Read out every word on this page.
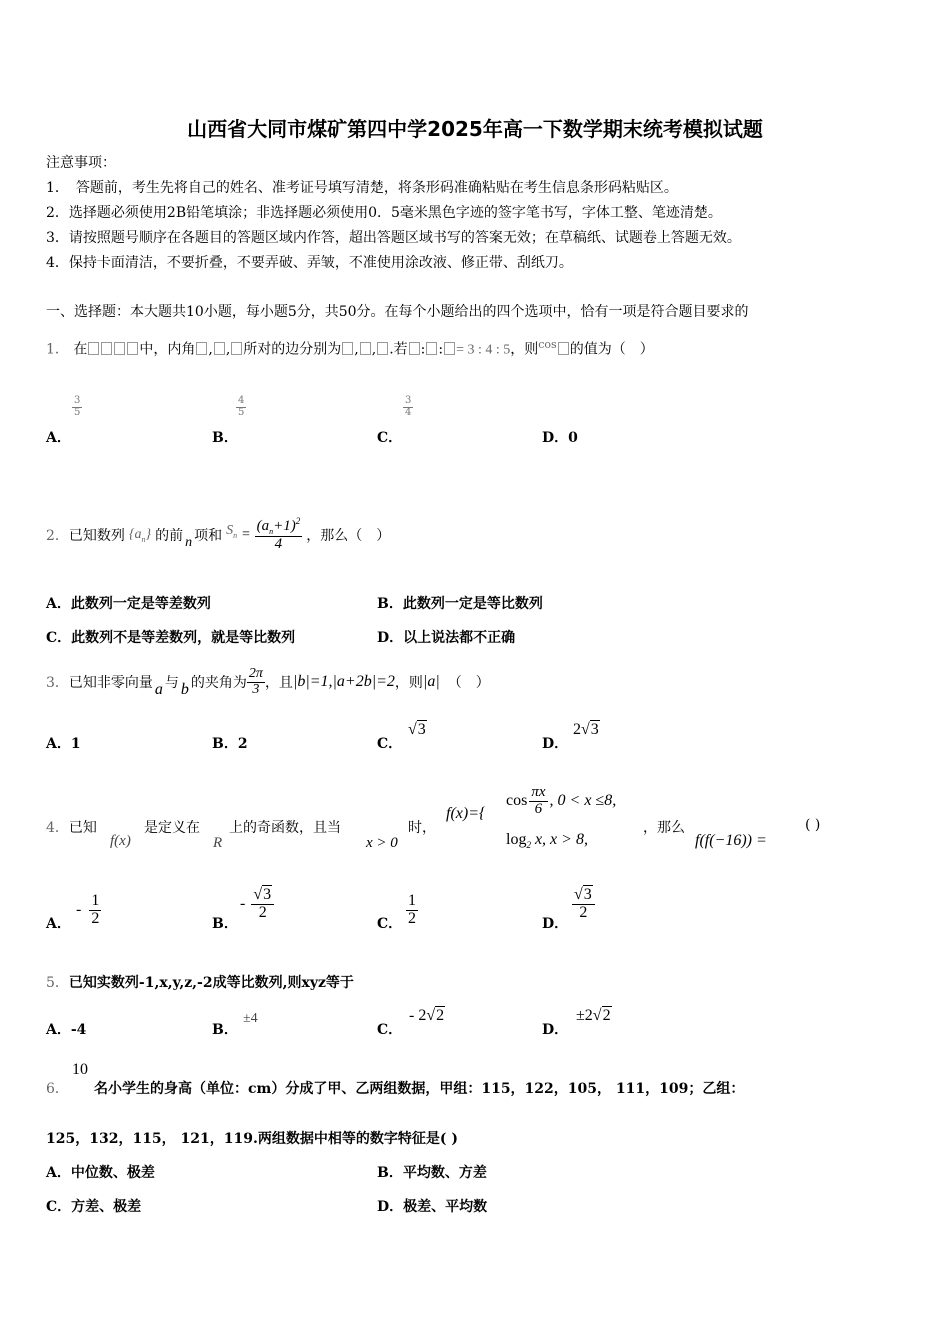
山西省大同市煤矿第四中学2025年高一下数学期末统考模拟试题
注意事项：
1．　答题前，考生先将自己的姓名、准考证号填写清楚，将条形码准确粘贴在考生信息条形码粘贴区。
2．选择题必须使用2B铅笔填涂；非选择题必须使用0．5毫米黑色字迹的签字笔书写，字体工整、笔迹清楚。
3．请按照题号顺序在各题目的答题区域内作答，超出答题区域书写的答案无效；在草稿纸、试题卷上答题无效。
4．保持卡面清洁，不要折叠，不要弄破、弄皱，不准使用涂改液、修正带、刮纸刀。
一、选择题：本大题共10小题，每小题5分，共50分。在每个小题给出的四个选项中，恰有一项是符合题目要求的
1． 在	中，内角 , , 所对的边分别为 , , .若 : : = 3 : 4 : 5，则$^{cos}$ 的值为（　）
A．
$\frac{3}{5}$
B．
$\frac{4}{5}$
C．
$\frac{3}{4}$
D．0
2． 已知数列 $\{a_n\}$ 的前 n 项和 $S_n = \frac{(a_n+1)^2}{4}$ ，那么（　）
A．此数列一定是等差数列	B．此数列一定是等比数列
C．此数列不是等差数列，就是等比数列	D．以上说法都不正确
3． 已知非零向量 a 与 b 的夹角为 $\frac{2\pi}{3}$ ，且 |b|=1,|a+2b|=2 ，则 |a| （　）
A．1	B．2	C．
√3
D．
2√3
4．已知
f(x)
是定义在
R
上的奇函数，且当
x > 0
时，
f(x)={
$\cos \frac{\pi x}{6}$ , 0 < x ≤8,
$\log_2 x$, x > 8,
，那么
f(f(−16)) =
( )
A．
- $\frac{1}{2}$	B．
- $\frac{√3}{2}$
C． $\frac{1}{2}$	D．
$\frac{√3}{2}$
5．已知实数列-1,x,y,z,-2成等比数列,则xyz等于
A．-4	B．
±4
C．
- 2√2
D．
±2√2
6．
10
名小学生的身高（单位：cm）分成了甲、乙两组数据，甲组：115，122，105， 111，109；乙组：
125，132，115， 121，119.两组数据中相等的数字特征是( )
A．中位数、极差	B．平均数、方差
C．方差、极差	D．极差、平均数
